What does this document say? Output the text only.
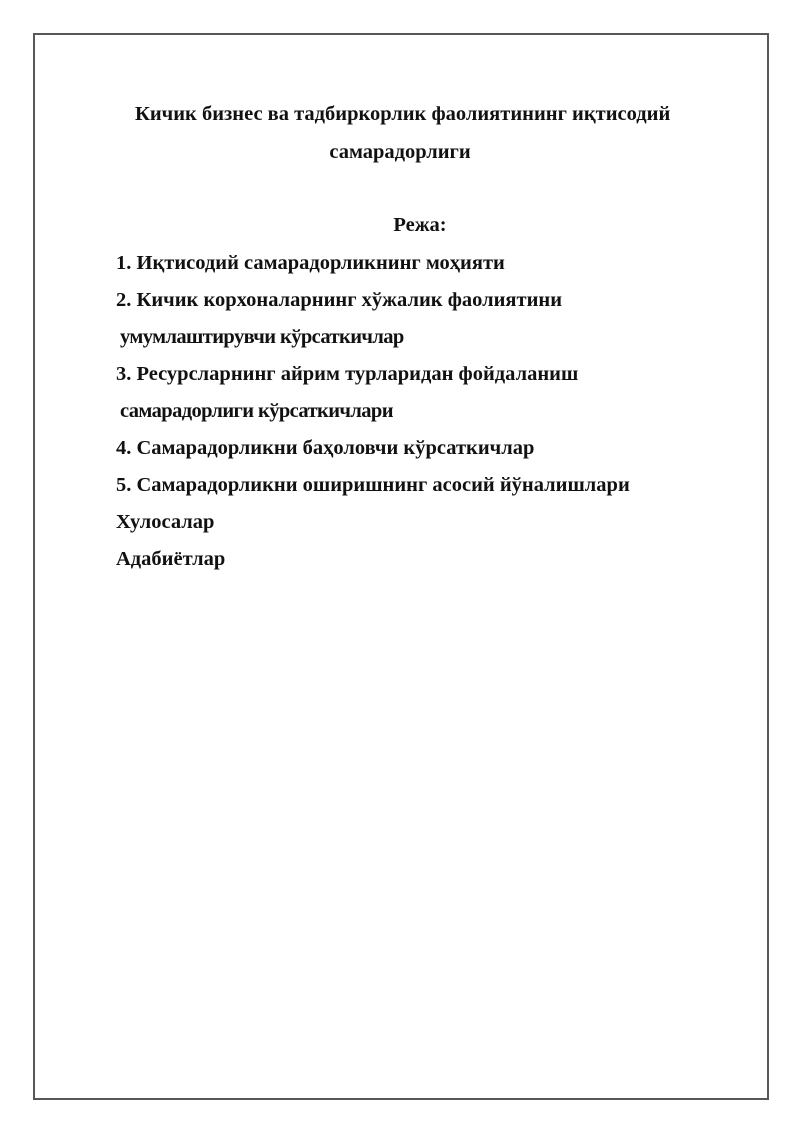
Кичик бизнес ва тадбиркорлик фаолиятининг иқтисодий
самарадорлиги
Режа:
1. Иқтисодий самарадорликнинг моҳияти
2. Кичик корхоналарнинг хўжалик фаолиятини
умумлаштирувчи кўрсаткичлар
3. Ресурсларнинг айрим турларидан фойдаланиш
самарадорлиги кўрсаткичлари
4. Самарадорликни баҳоловчи кўрсаткичлар
5. Самарадорликни оширишнинг асосий йўналишлари
Хулосалар
Адабиётлар
